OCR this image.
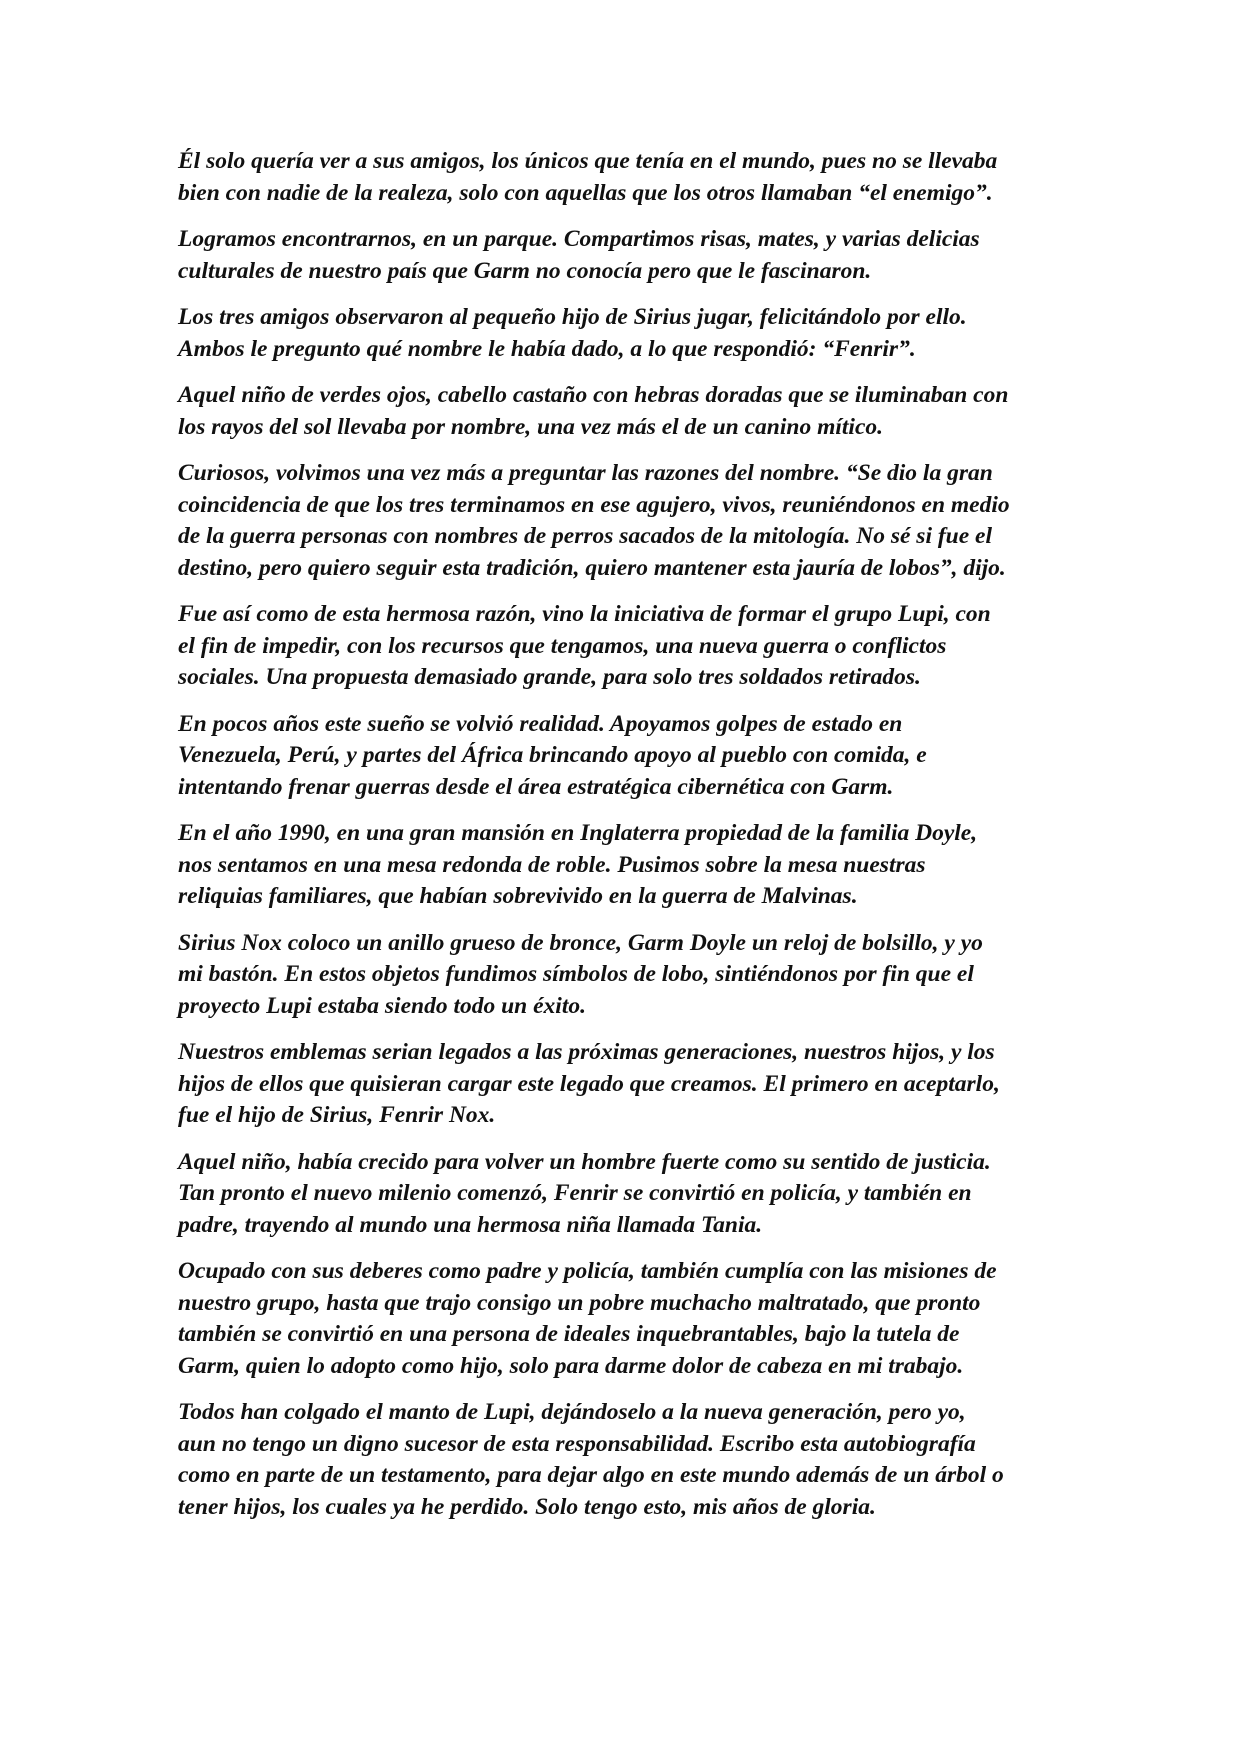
Él solo quería ver a sus amigos, los únicos que tenía en el mundo, pues no se llevaba
bien con nadie de la realeza, solo con aquellas que los otros llamaban “el enemigo”.

Logramos encontrarnos, en un parque. Compartimos risas, mates, y varias delicias
culturales de nuestro país que Garm no conocía pero que le fascinaron.

Los tres amigos observaron al pequeño hijo de Sirius jugar, felicitándolo por ello.
Ambos le pregunto qué nombre le había dado, a lo que respondió: “Fenrir”.

Aquel niño de verdes ojos, cabello castaño con hebras doradas que se iluminaban con
los rayos del sol llevaba por nombre, una vez más el de un canino mítico.

Curiosos, volvimos una vez más a preguntar las razones del nombre. “Se dio la gran
coincidencia de que los tres terminamos en ese agujero, vivos, reuniéndonos en medio
de la guerra personas con nombres de perros sacados de la mitología. No sé si fue el
destino, pero quiero seguir esta tradición, quiero mantener esta jauría de lobos”, dijo.

Fue así como de esta hermosa razón, vino la iniciativa de formar el grupo Lupi, con
el fin de impedir, con los recursos que tengamos, una nueva guerra o conflictos
sociales. Una propuesta demasiado grande, para solo tres soldados retirados.

En pocos años este sueño se volvió realidad. Apoyamos golpes de estado en
Venezuela, Perú, y partes del África brincando apoyo al pueblo con comida, e
intentando frenar guerras desde el área estratégica cibernética con Garm.

En el año 1990, en una gran mansión en Inglaterra propiedad de la familia Doyle,
nos sentamos en una mesa redonda de roble. Pusimos sobre la mesa nuestras
reliquias familiares, que habían sobrevivido en la guerra de Malvinas.

Sirius Nox coloco un anillo grueso de bronce, Garm Doyle un reloj de bolsillo, y yo
mi bastón. En estos objetos fundimos símbolos de lobo, sintiéndonos por fin que el
proyecto Lupi estaba siendo todo un éxito.

Nuestros emblemas serian legados a las próximas generaciones, nuestros hijos, y los
hijos de ellos que quisieran cargar este legado que creamos. El primero en aceptarlo,
fue el hijo de Sirius, Fenrir Nox.

Aquel niño, había crecido para volver un hombre fuerte como su sentido de justicia.
Tan pronto el nuevo milenio comenzó, Fenrir se convirtió en policía, y también en
padre, trayendo al mundo una hermosa niña llamada Tania.

Ocupado con sus deberes como padre y policía, también cumplía con las misiones de
nuestro grupo, hasta que trajo consigo un pobre muchacho maltratado, que pronto
también se convirtió en una persona de ideales inquebrantables, bajo la tutela de
Garm, quien lo adopto como hijo, solo para darme dolor de cabeza en mi trabajo.

Todos han colgado el manto de Lupi, dejándoselo a la nueva generación, pero yo,
aun no tengo un digno sucesor de esta responsabilidad. Escribo esta autobiografía
como en parte de un testamento, para dejar algo en este mundo además de un árbol o
tener hijos, los cuales ya he perdido. Solo tengo esto, mis años de gloria.
